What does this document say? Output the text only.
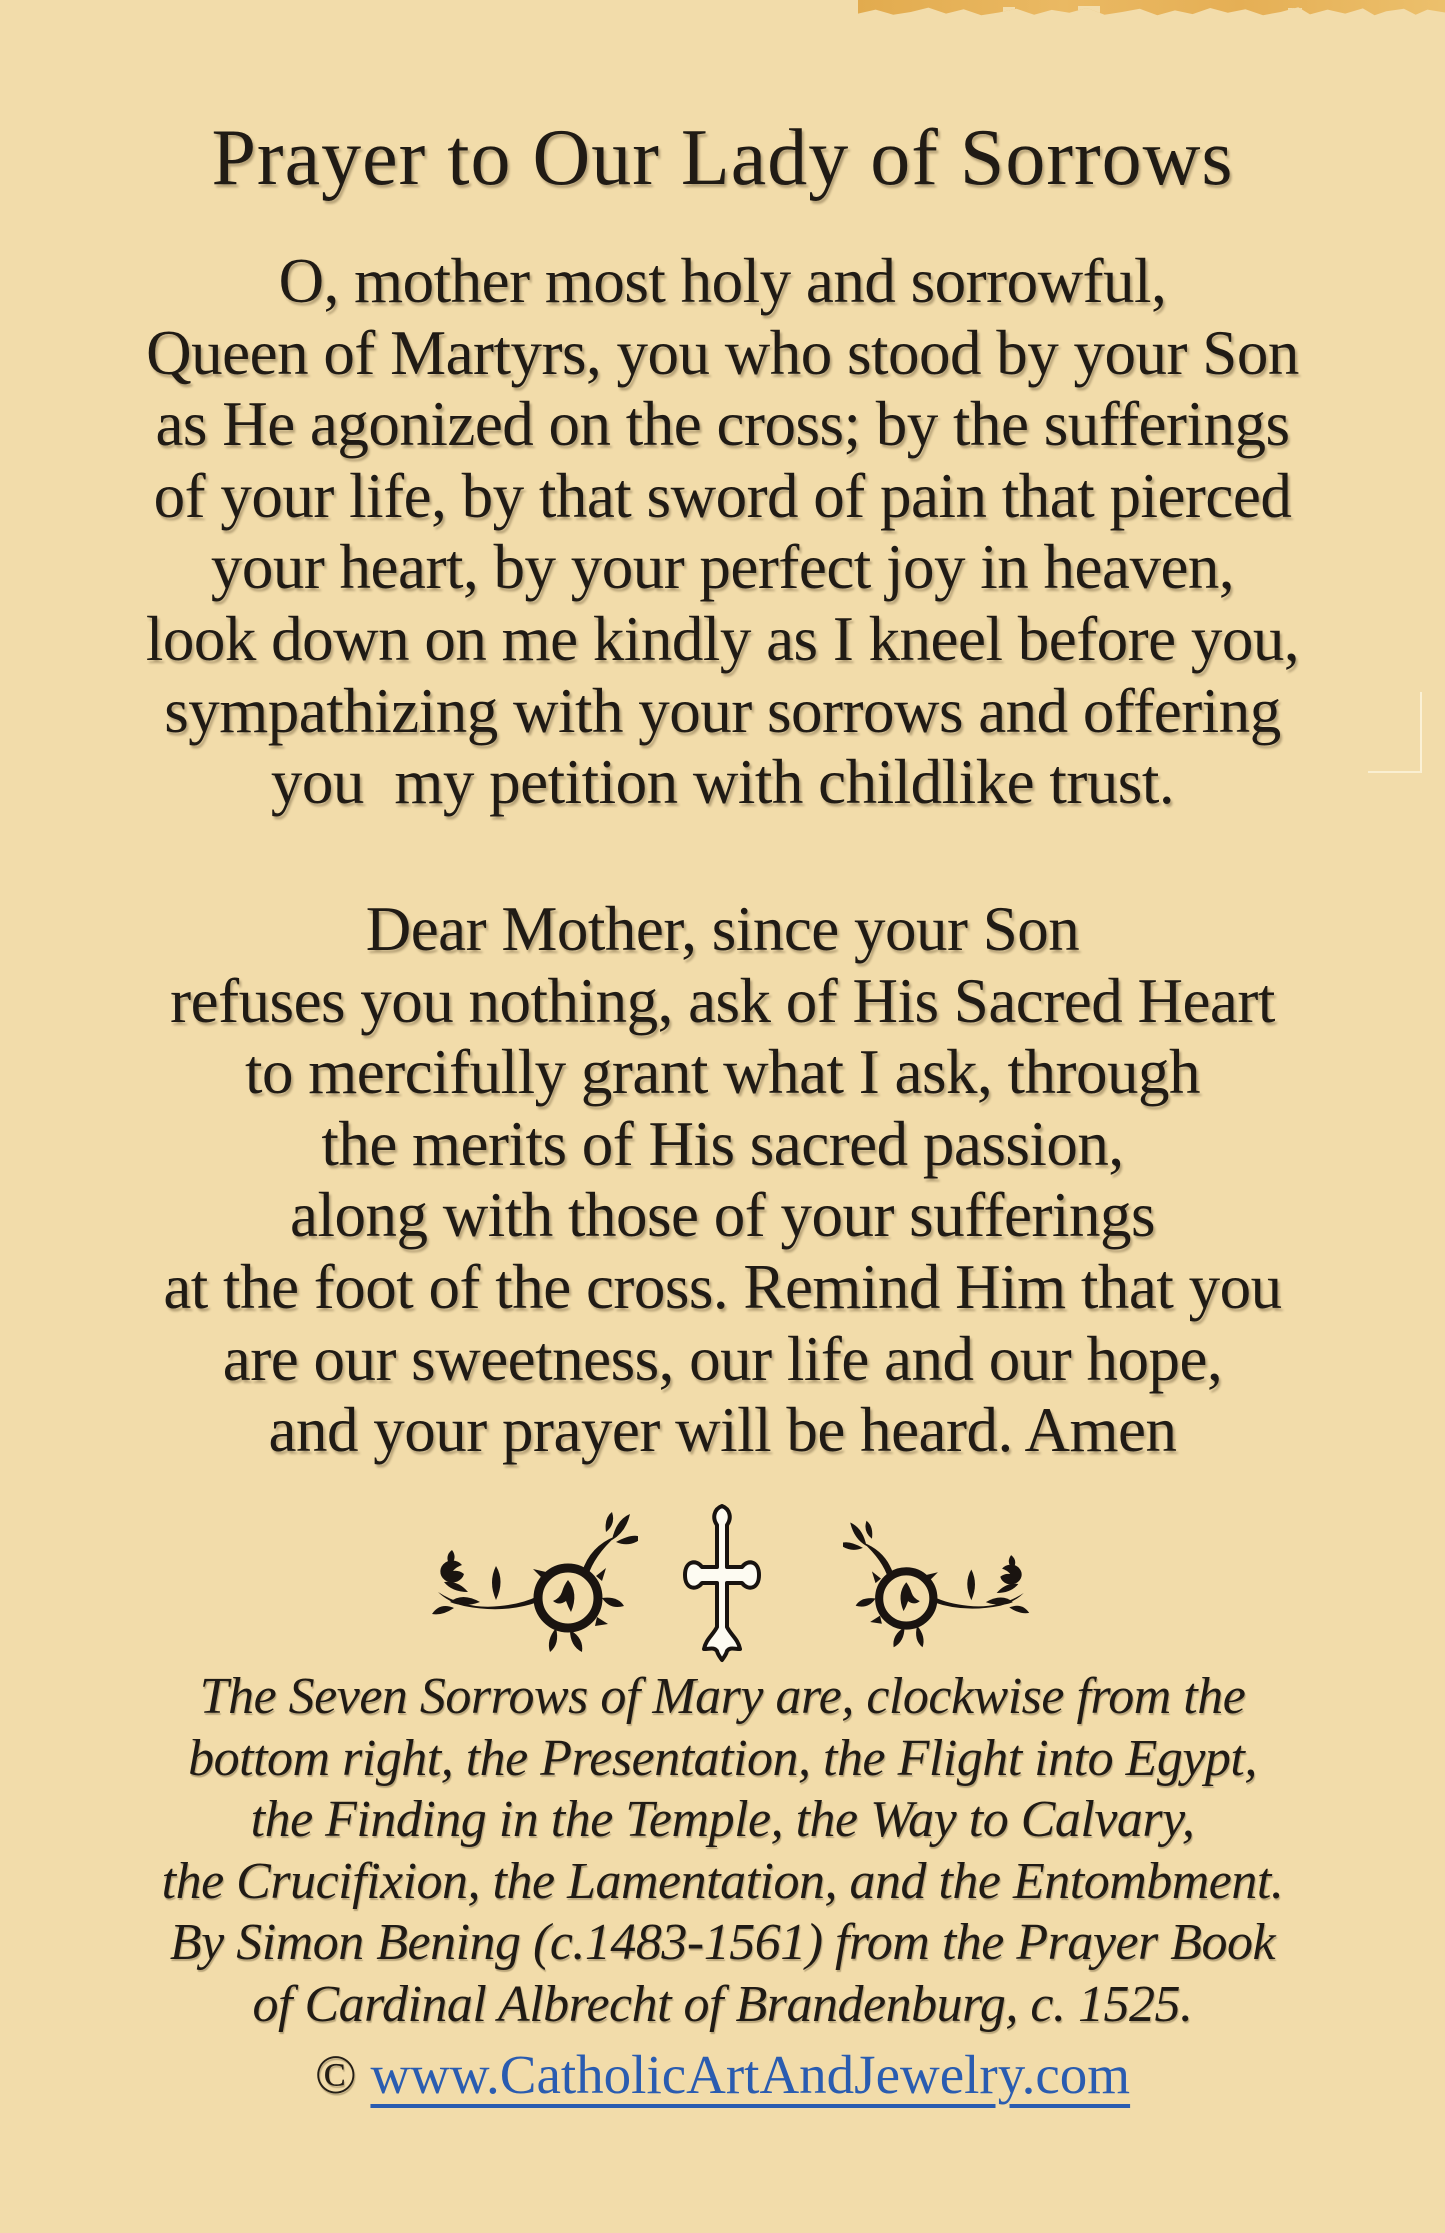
Prayer to Our Lady of Sorrows
O, mother most holy and sorrowful,
Queen of Martyrs, you who stood by your Son
as He agonized on the cross; by the sufferings
of your life, by that sword of pain that pierced
your heart, by your perfect joy in heaven,
look down on me kindly as I kneel before you,
sympathizing with your sorrows and offering
you  my petition with childlike trust.
Dear Mother, since your Son
refuses you nothing, ask of His Sacred Heart
to mercifully grant what I ask, through
the merits of His sacred passion,
along with those of your sufferings
at the foot of the cross. Remind Him that you
are our sweetness, our life and our hope,
and your prayer will be heard. Amen
The Seven Sorrows of Mary are, clockwise from the
bottom right, the Presentation, the Flight into Egypt,
the Finding in the Temple, the Way to Calvary,
the Crucifixion, the Lamentation, and the Entombment.
By Simon Bening (c.1483-1561) from the Prayer Book
of Cardinal Albrecht of Brandenburg, c. 1525.
© www.CatholicArtAndJewelry.com
